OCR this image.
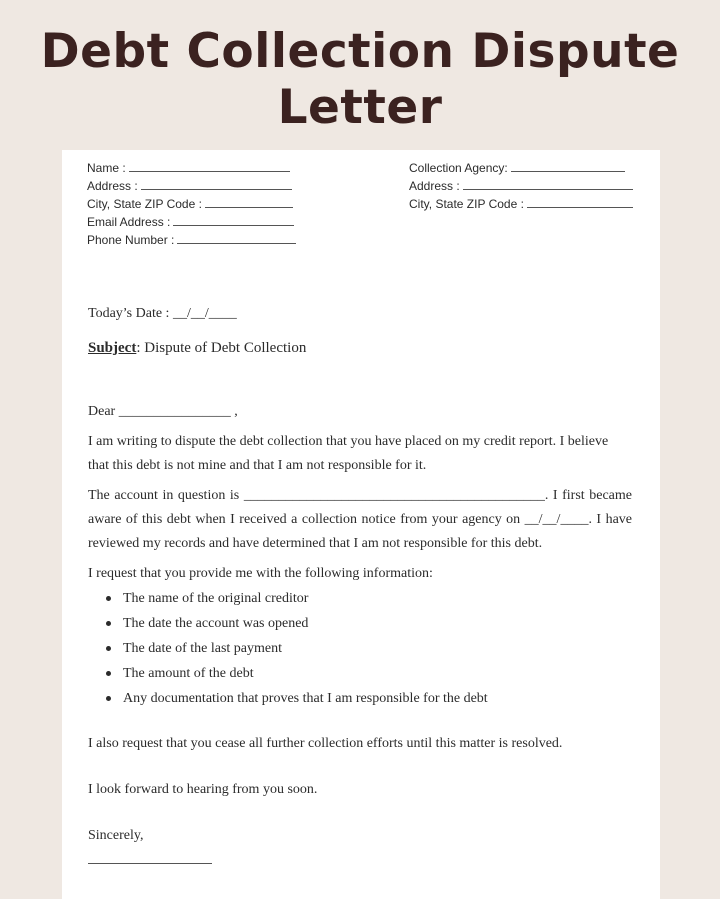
Debt Collection Dispute Letter
Name :
Address :
City, State ZIP Code :
Email Address :
Phone Number :
Collection Agency:
Address :
City, State ZIP Code :
Today’s Date : __/__/____
Subject: Dispute of Debt Collection
Dear ________________ ,
I am writing to dispute the debt collection that you have placed on my credit report. I believe that this debt is not mine and that I am not responsible for it.
The account in question is ___________________________________________. I first became aware of this debt when I received a collection notice from your agency on __/__/____. I have reviewed my records and have determined that I am not responsible for this debt.
I request that you provide me with the following information:
The name of the original creditor
The date the account was opened
The date of the last payment
The amount of the debt
Any documentation that proves that I am responsible for the debt
I also request that you cease all further collection efforts until this matter is resolved.
I look forward to hearing from you soon.
Sincerely,
